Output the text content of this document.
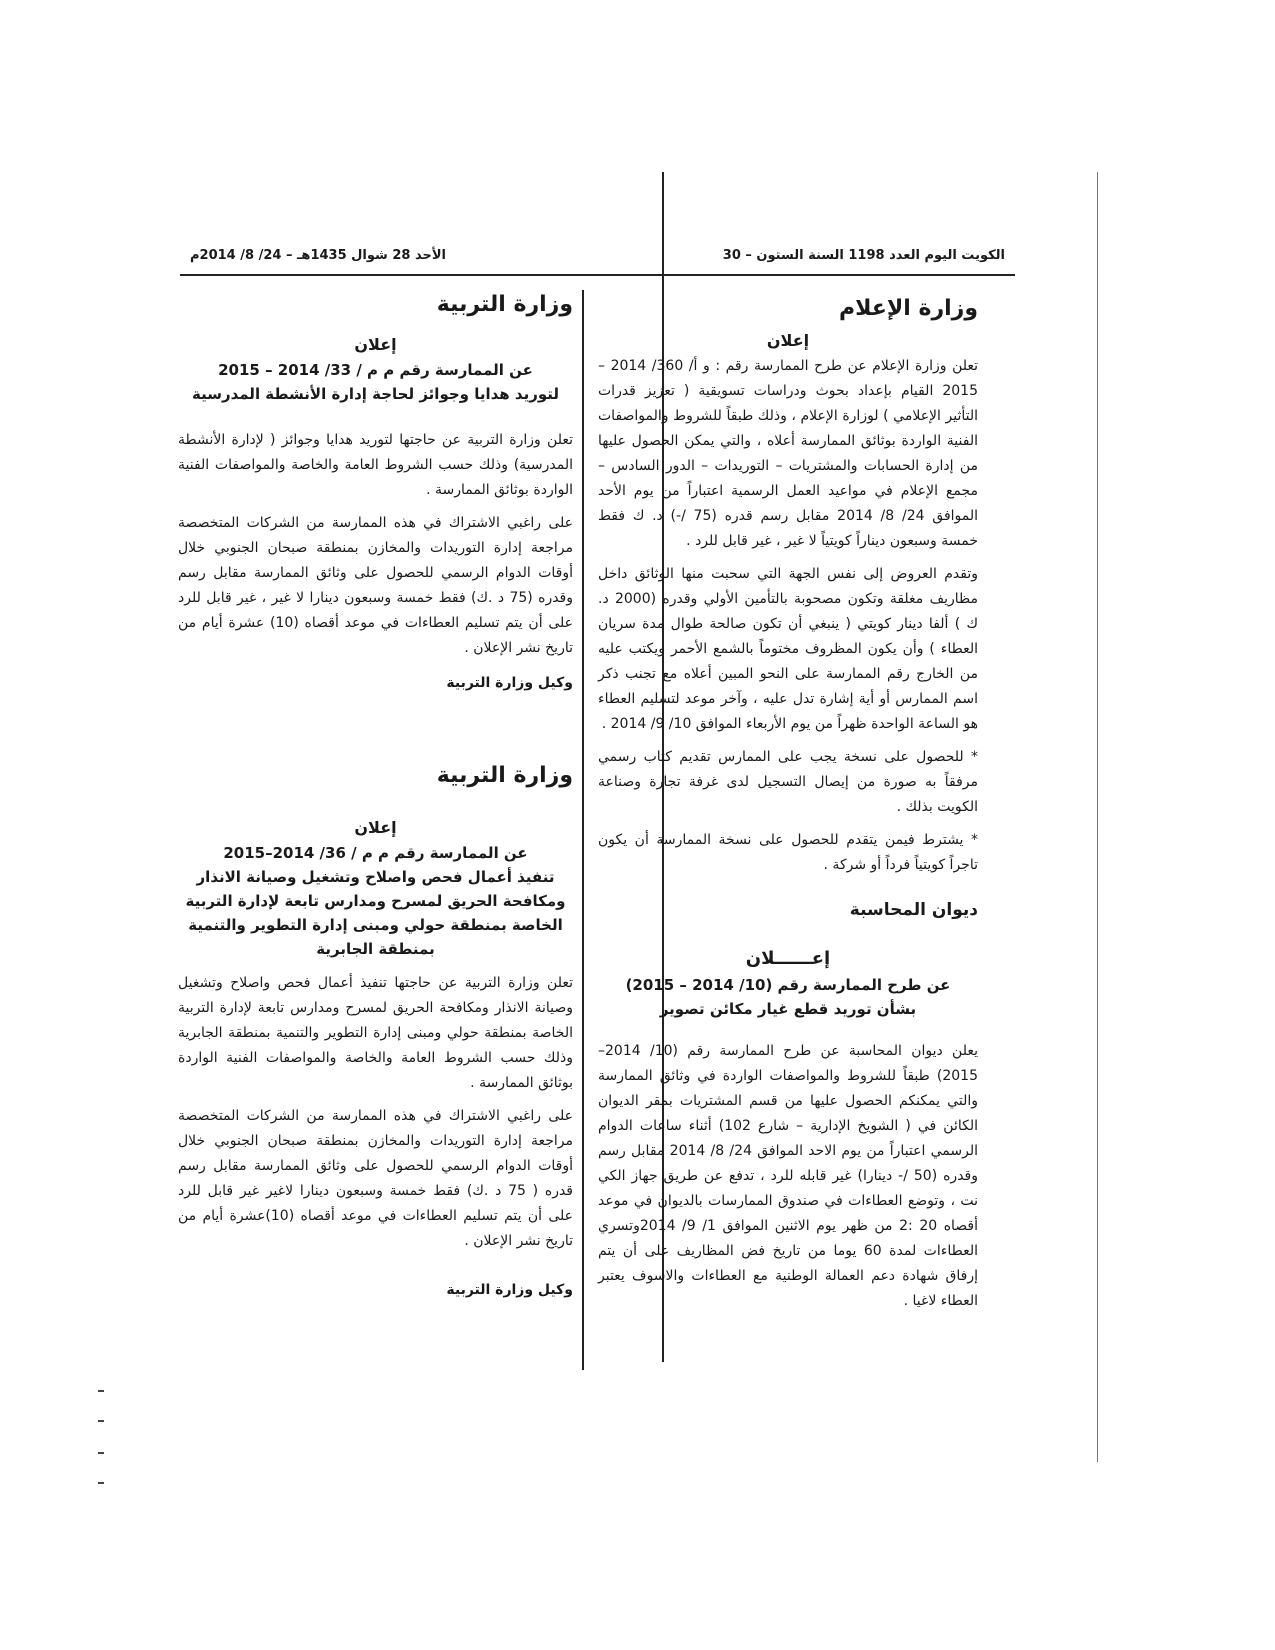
الكويت اليوم العدد 1198 السنة الستون – 30
الأحد 28 شوال 1435هـ – 24/ 8/ 2014م
وزارة الإعلام
إعلان

تعلن وزارة الإعلام عن طرح الممارسة رقم : و أ/ 360/ 2014 – 2015 القيام بإعداد بحوث ودراسات تسويقية ( تعزيز قدرات التأثير الإعلامي ) لوزارة الإعلام ، وذلك طبقاً للشروط والمواصفات الفنية الواردة بوثائق الممارسة أعلاه ، والتي يمكن الحصول عليها من إدارة الحسابات والمشتريات – التوريدات – الدور السادس – مجمع الإعلام في مواعيد العمل الرسمية اعتباراً من يوم الأحد الموافق 24/ 8/ 2014 مقابل رسم قدره (75 /-) د. ك فقط خمسة وسبعون ديناراً كويتياً لا غير ، غير قابل للرد .

وتقدم العروض إلى نفس الجهة التي سحبت منها الوثائق داخل مظاريف مغلقة وتكون مصحوبة بالتأمين الأولي وقدره (2000 د. ك ) ألفا دينار كويتي ( ينبغي أن تكون صالحة طوال مدة سريان العطاء ) وأن يكون المظروف مختوماً بالشمع الأحمر ويكتب عليه من الخارج رقم الممارسة على النحو المبين أعلاه مع تجنب ذكر اسم الممارس أو أية إشارة تدل عليه ، وآخر موعد لتسليم العطاء هو الساعة الواحدة ظهراً من يوم الأربعاء الموافق 10/ 9/ 2014 .

* للحصول على نسخة يجب على الممارس تقديم كتاب رسمي مرفقاً به صورة من إيصال التسجيل لدى غرفة تجارة وصناعة الكويت بذلك .
* يشترط فيمن يتقدم للحصول على نسخة الممارسة أن يكون تاجراً كويتياً فرداً أو شركة .
ديوان المحاسبة
إعــــــلان
عن طرح الممارسة رقم (10/ 2014 – 2015)
بشأن توريد قطع غيار مكائن تصوير

يعلن ديوان المحاسبة عن طرح الممارسة رقم (10/ 2014– 2015) طبقاً للشروط والمواصفات الواردة في وثائق الممارسة والتي يمكنكم الحصول عليها من قسم المشتريات بمقر الديوان الكائن في ( الشويخ الإدارية – شارع 102) أثناء ساعات الدوام الرسمي اعتباراً من يوم الاحد الموافق 24/ 8/ 2014 مقابل رسم وقدره (50 /- دينارا) غير قابله للرد ، تدفع عن طريق جهاز الكي نت ، وتوضع العطاءات في صندوق الممارسات بالديوان في موعد أقصاه 20 :2 من ظهر يوم الاثنين الموافق 1/ 9/ 2014وتسري العطاءات لمدة 60 يوما من تاريخ فض المظاريف على أن يتم إرفاق شهادة دعم العمالة الوطنية مع العطاءات والاسوف يعتبر العطاء لاغيا .

وزارة التربية
إعلان
عن الممارسة رقم م م / 33/ 2014 – 2015
لتوريد هدايا وجوائز لحاجة إدارة الأنشطة المدرسية

تعلن وزارة التربية عن حاجتها لتوريد هدايا وجوائز ( لإدارة الأنشطة المدرسية) وذلك حسب الشروط العامة والخاصة والمواصفات الفنية الواردة بوثائق الممارسة .

على راغبي الاشتراك في هذه الممارسة من الشركات المتخصصة مراجعة إدارة التوريدات والمخازن بمنطقة صبحان الجنوبي خلال أوقات الدوام الرسمي للحصول على وثائق الممارسة مقابل رسم وقدره (75 د .ك) فقط خمسة وسبعون دينارا لا غير ، غير قابل للرد على أن يتم تسليم العطاءات في موعد أقصاه (10) عشرة أيام من تاريخ نشر الإعلان .

وكيل وزارة التربية
وزارة التربية
إعلان
عن الممارسة رقم م م / 36/ 2014–2015
تنفيذ أعمال فحص واصلاح وتشغيل وصيانة الانذار ومكافحة الحريق لمسرح ومدارس تابعة لإدارة التربية الخاصة بمنطقة حولي ومبنى إدارة التطوير والتنمية بمنطقة الجابرية

تعلن وزارة التربية عن حاجتها تنفيذ أعمال فحص واصلاح وتشغيل وصيانة الانذار ومكافحة الحريق لمسرح ومدارس تابعة لإدارة التربية الخاصة بمنطقة حولي ومبنى إدارة التطوير والتنمية بمنطقة الجابرية وذلك حسب الشروط العامة والخاصة والمواصفات الفنية الواردة بوثائق الممارسة .

على راغبي الاشتراك في هذه الممارسة من الشركات المتخصصة مراجعة إدارة التوريدات والمخازن بمنطقة صبحان الجنوبي خلال أوقات الدوام الرسمي للحصول على وثائق الممارسة مقابل رسم قدره ( 75 د .ك) فقط خمسة وسبعون دينارا لاغير غير قابل للرد على أن يتم تسليم العطاءات في موعد أقصاه (10)عشرة أيام من تاريخ نشر الإعلان .

وكيل وزارة التربية
